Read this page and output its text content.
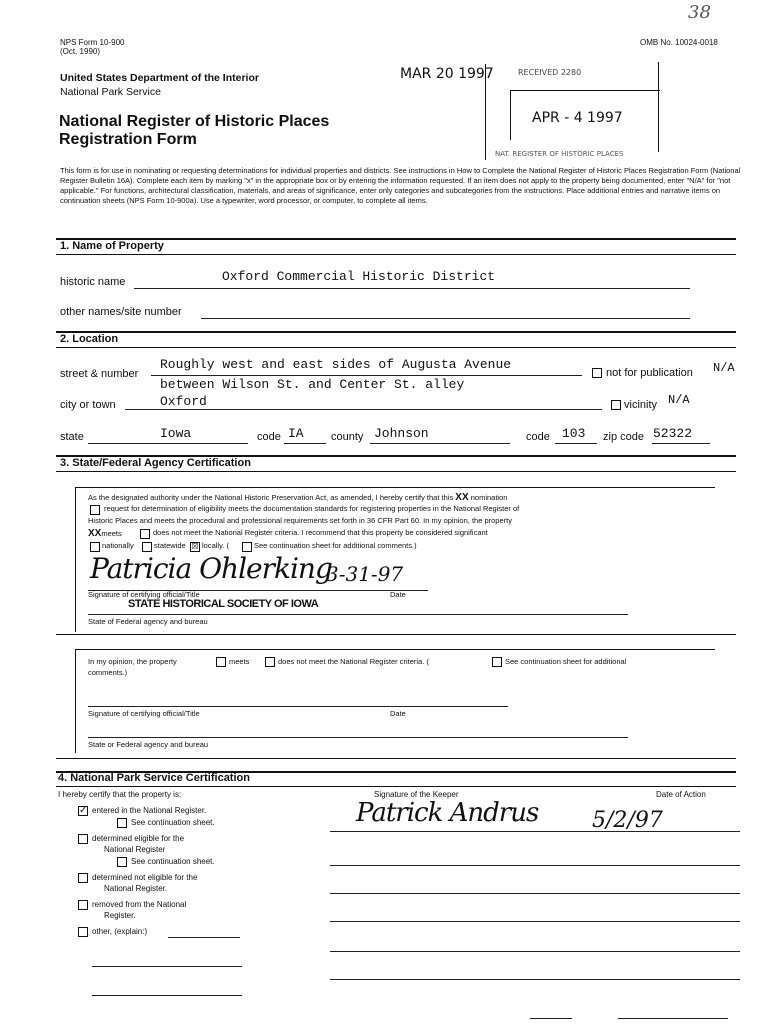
NPS Form 10-900
(Oct. 1990)
OMB No. 10024-0018
38
United States Department of the Interior
National Park Service
National Register of Historic Places
Registration Form
MAR 20 1997	RECEIVED 2280
APR - 4 1997
NAT. REGISTER OF HISTORIC PLACES
This form is for use in nominating or requesting determinations for individual properties and districts. See instructions in How to Complete the National Register of Historic Places Registration Form (National Register Bulletin 16A). Complete each item by marking "x" in the appropriate box or by entering the information requested. If an item does not apply to the property being documented, enter "N/A" for "not applicable." For functions, architectural classification, materials, and areas of significance, enter only categories and subcategories from the instructions. Place additional entries and narrative items on continuation sheets (NPS Form 10-900a). Use a typewriter, word processor, or computer, to complete all items.
1. Name of Property
historic name	Oxford Commercial Historic District
other names/site number
2. Location
street & number
Roughly west and east sides of Augusta Avenue
between Wilson St. and Center St. alley
not for publication N/A
city or town	Oxford	vicinity N/A
state	Iowa	code IA county Johnson	code 103 zip code 52322
3. State/Federal Agency Certification
As the designated authority under the National Historic Preservation Act, as amended, I hereby certify that this XX nomination
request for determination of eligibility meets the documentation standards for registering properties in the National Register of
Historic Places and meets the procedural and professional requirements set forth in 36 CFR Part 60. In my opinion, the property
XXmeets	does not meet the National Register criteria. I recommend that this property be considered significant
nationally	statewide ☒ locally. (	See continuation sheet for additional comments.)
Patricia Ohlerking
3-31-97
Signature of certifying official/Title	Date
STATE HISTORICAL SOCIETY OF IOWA
State of Federal agency and bureau
In my opinion, the property	meets	does not meet the National Register criteria. (	See continuation sheet for additional
comments.)
Signature of certifying official/Title	Date
State or Federal agency and bureau
4. National Park Service Certification
I hereby certify that the property is:	Signature of the Keeper	Date of Action
✓ entered in the National Register.
See continuation sheet.
determined eligible for the
National Register
See continuation sheet.
determined not eligible for the
National Register.
removed from the National
Register.
other, (explain:)
Patrick Andrus 5/2/97
